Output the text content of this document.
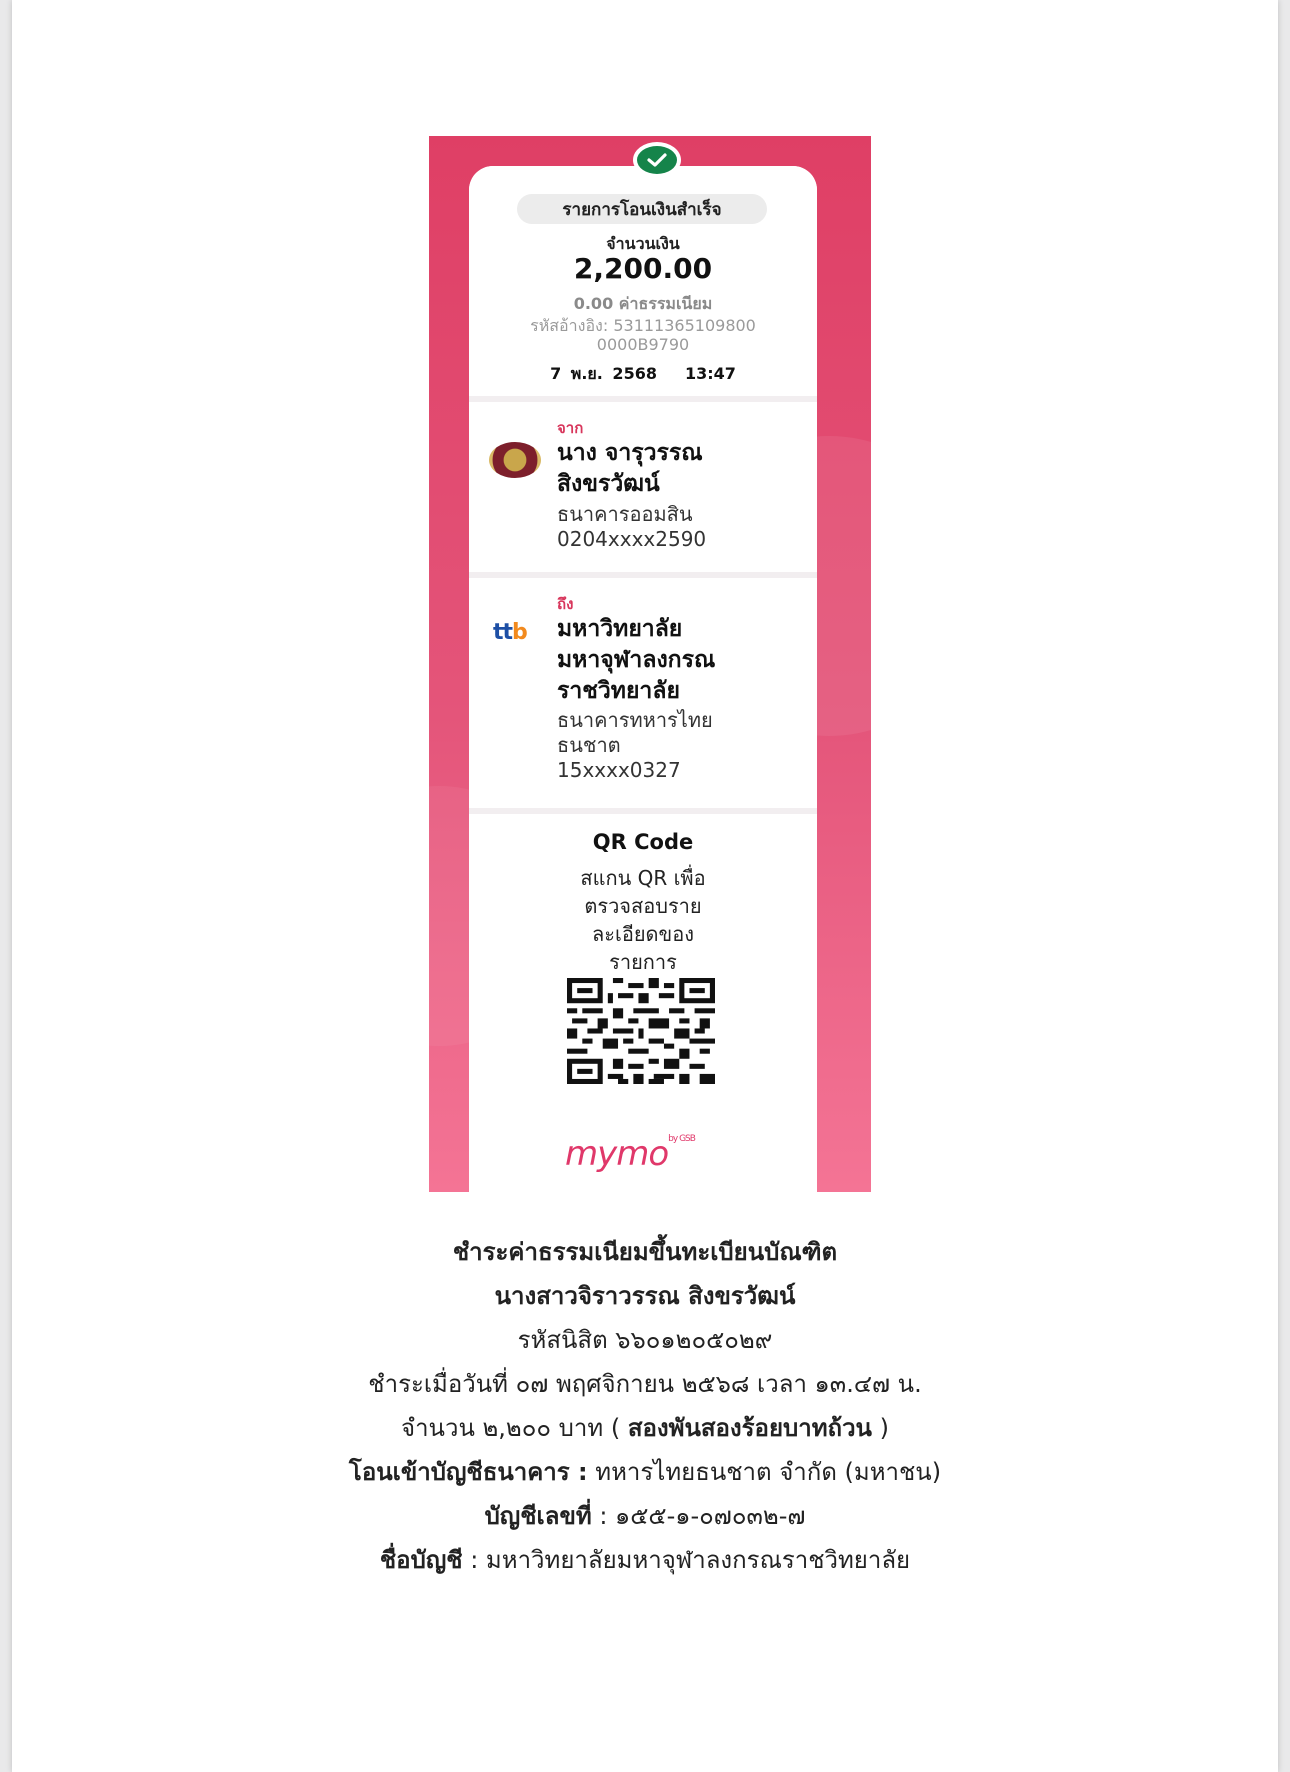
รายการโอนเงินสำเร็จ
จำนวนเงิน
2,200.00
0.00 ค่าธรรมเนียม
รหัสอ้างอิง: 53111365109800
0000B9790
7 พ.ย. 2568 13:47
จาก
นาง จารุวรรณ
สิงขรวัฒน์
ธนาคารออมสิน
0204xxxx2590
ถึง
ttb มหาวิทยาลัย
มหาจุฬาลงกรณ
ราชวิทยาลัย
ธนาคารทหารไทย
ธนชาต
15xxxx0327
QR Code
สแกน QR เพื่อ
ตรวจสอบราย
ละเอียดของ
รายการ
mymo$^{by GSB}$
ชำระค่าธรรมเนียมขึ้นทะเบียนบัณฑิต
นางสาวจิราวรรณ สิงขรวัฒน์
รหัสนิสิต ๖๖๐๑๒๐๕๐๒๙
ชำระเมื่อวันที่ ๐๗ พฤศจิกายน ๒๕๖๘ เวลา ๑๓.๔๗ น.
จำนวน ๒,๒๐๐ บาท ( สองพันสองร้อยบาทถ้วน )
โอนเข้าบัญชีธนาคาร : ทหารไทยธนชาต จำกัด (มหาชน)
บัญชีเลขที่ : ๑๕๕-๑-๐๗๐๓๒-๗
ชื่อบัญชี : มหาวิทยาลัยมหาจุฬาลงกรณราชวิทยาลัย
